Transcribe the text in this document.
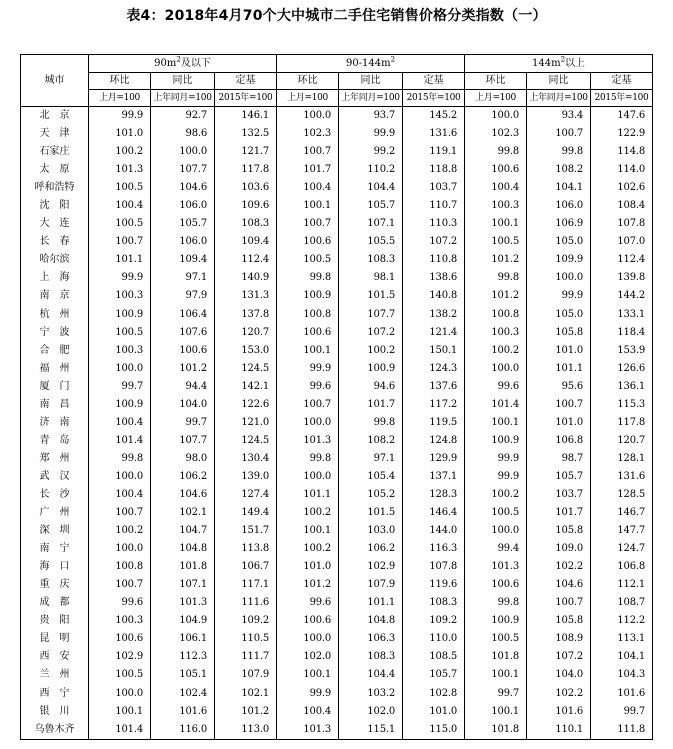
表4：2018年4月70个大中城市二手住宅销售价格分类指数（一）
城市	$90m^2$及以下			$90-144m^2$			$144m^2$以上		
	环比	同比	定基	环比	同比	定基	环比	同比	定基
	上月=100	上年同月=100	2015年=100	上月=100	上年同月=100	2015年=100	上月=100	上年同月=100	2015年=100
北　京	99.9	92.7	146.1	100.0	93.7	145.2	100.0	93.4	147.6
天　津	101.0	98.6	132.5	102.3	99.9	131.6	102.3	100.7	122.9
石家庄	100.2	100.0	121.7	100.7	99.2	119.1	99.8	99.8	114.8
太　原	101.3	107.7	117.8	101.7	110.2	118.8	100.6	108.2	114.0
呼和浩特	100.5	104.6	103.6	100.4	104.4	103.7	100.4	104.1	102.6
沈　阳	100.4	106.0	109.6	100.1	105.7	110.7	100.3	106.0	108.4
大　连	100.5	105.7	108.3	100.7	107.1	110.3	100.1	106.9	107.8
长　春	100.7	106.0	109.4	100.6	105.5	107.2	100.5	105.0	107.0
哈尔滨	101.1	109.4	112.4	100.5	108.3	110.8	101.2	109.9	112.4
上　海	99.9	97.1	140.9	99.8	98.1	138.6	99.8	100.0	139.8
南　京	100.3	97.9	131.3	100.9	101.5	140.8	101.2	99.9	144.2
杭　州	100.9	106.4	137.8	100.8	107.7	138.2	100.8	105.0	133.1
宁　波	100.5	107.6	120.7	100.6	107.2	121.4	100.3	105.8	118.4
合　肥	100.3	100.6	153.0	100.1	100.2	150.1	100.2	101.0	153.9
福　州	100.0	101.2	124.5	99.9	100.9	124.3	100.0	101.1	126.6
厦　门	99.7	94.4	142.1	99.6	94.6	137.6	99.6	95.6	136.1
南　昌	100.9	104.0	122.6	100.7	101.7	117.2	101.4	100.7	115.3
济　南	100.4	99.7	121.0	100.0	99.8	119.5	100.1	101.0	117.8
青　岛	101.4	107.7	124.5	101.3	108.2	124.8	100.9	106.8	120.7
郑　州	99.8	98.0	130.4	99.8	97.1	129.9	99.9	98.7	128.1
武　汉	100.0	106.2	139.0	100.0	105.4	137.1	99.9	105.7	131.6
长　沙	100.4	104.6	127.4	101.1	105.2	128.3	100.2	103.7	128.5
广　州	100.7	102.1	149.4	100.2	101.5	146.4	100.5	101.7	146.7
深　圳	100.2	104.7	151.7	100.1	103.0	144.0	100.0	105.8	147.7
南　宁	100.0	104.8	113.8	100.2	106.2	116.3	99.4	109.0	124.7
海　口	100.8	101.8	106.7	101.0	102.9	107.8	101.3	102.2	106.8
重　庆	100.7	107.1	117.1	101.2	107.9	119.6	100.6	104.6	112.1
成　都	99.6	101.3	111.6	99.6	101.1	108.3	99.8	100.7	108.7
贵　阳	100.3	104.9	109.2	100.6	104.8	109.2	100.9	105.8	112.2
昆　明	100.6	106.1	110.5	100.0	106.3	110.0	100.5	108.9	113.1
西　安	102.9	112.3	111.7	102.0	108.3	108.5	101.8	107.2	104.1
兰　州	100.5	105.1	107.9	100.1	104.4	105.7	100.1	104.0	104.3
西　宁	100.0	102.4	102.1	99.9	103.2	102.8	99.7	102.2	101.6
银　川	100.1	101.6	101.2	100.4	102.0	101.0	100.1	101.6	99.7
乌鲁木齐	101.4	116.0	113.0	101.3	115.1	115.0	101.8	110.1	111.8
